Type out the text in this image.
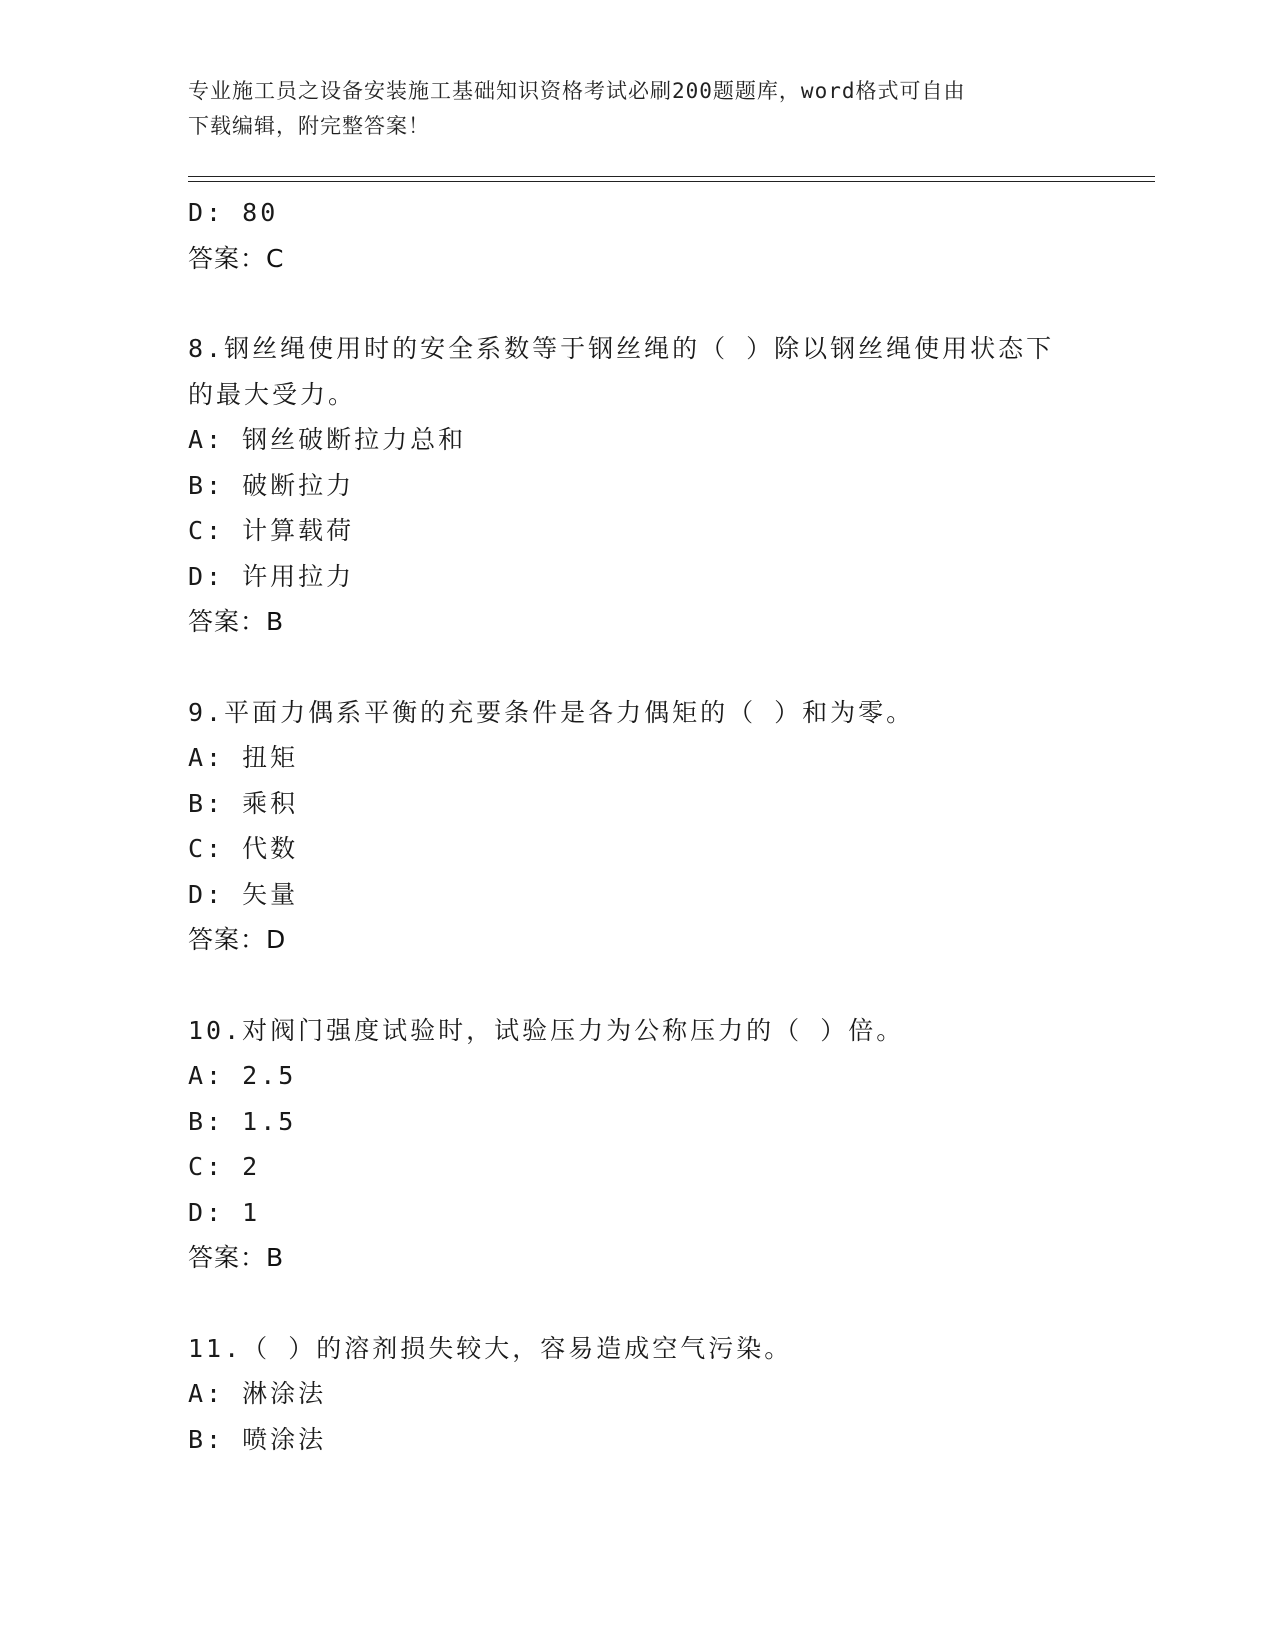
专业施工员之设备安装施工基础知识资格考试必刷200题题库，word格式可自由
下载编辑，附完整答案！
D: 80
答案：C
8.钢丝绳使用时的安全系数等于钢丝绳的（ ）除以钢丝绳使用状态下
的最大受力。
A: 钢丝破断拉力总和
B: 破断拉力
C: 计算载荷
D: 许用拉力
答案：B
9.平面力偶系平衡的充要条件是各力偶矩的（ ）和为零。
A: 扭矩
B: 乘积
C: 代数
D: 矢量
答案：D
10.对阀门强度试验时，试验压力为公称压力的（ ）倍。
A: 2.5
B: 1.5
C: 2
D: 1
答案：B
11.（ ）的溶剂损失较大，容易造成空气污染。
A: 淋涂法
B: 喷涂法
